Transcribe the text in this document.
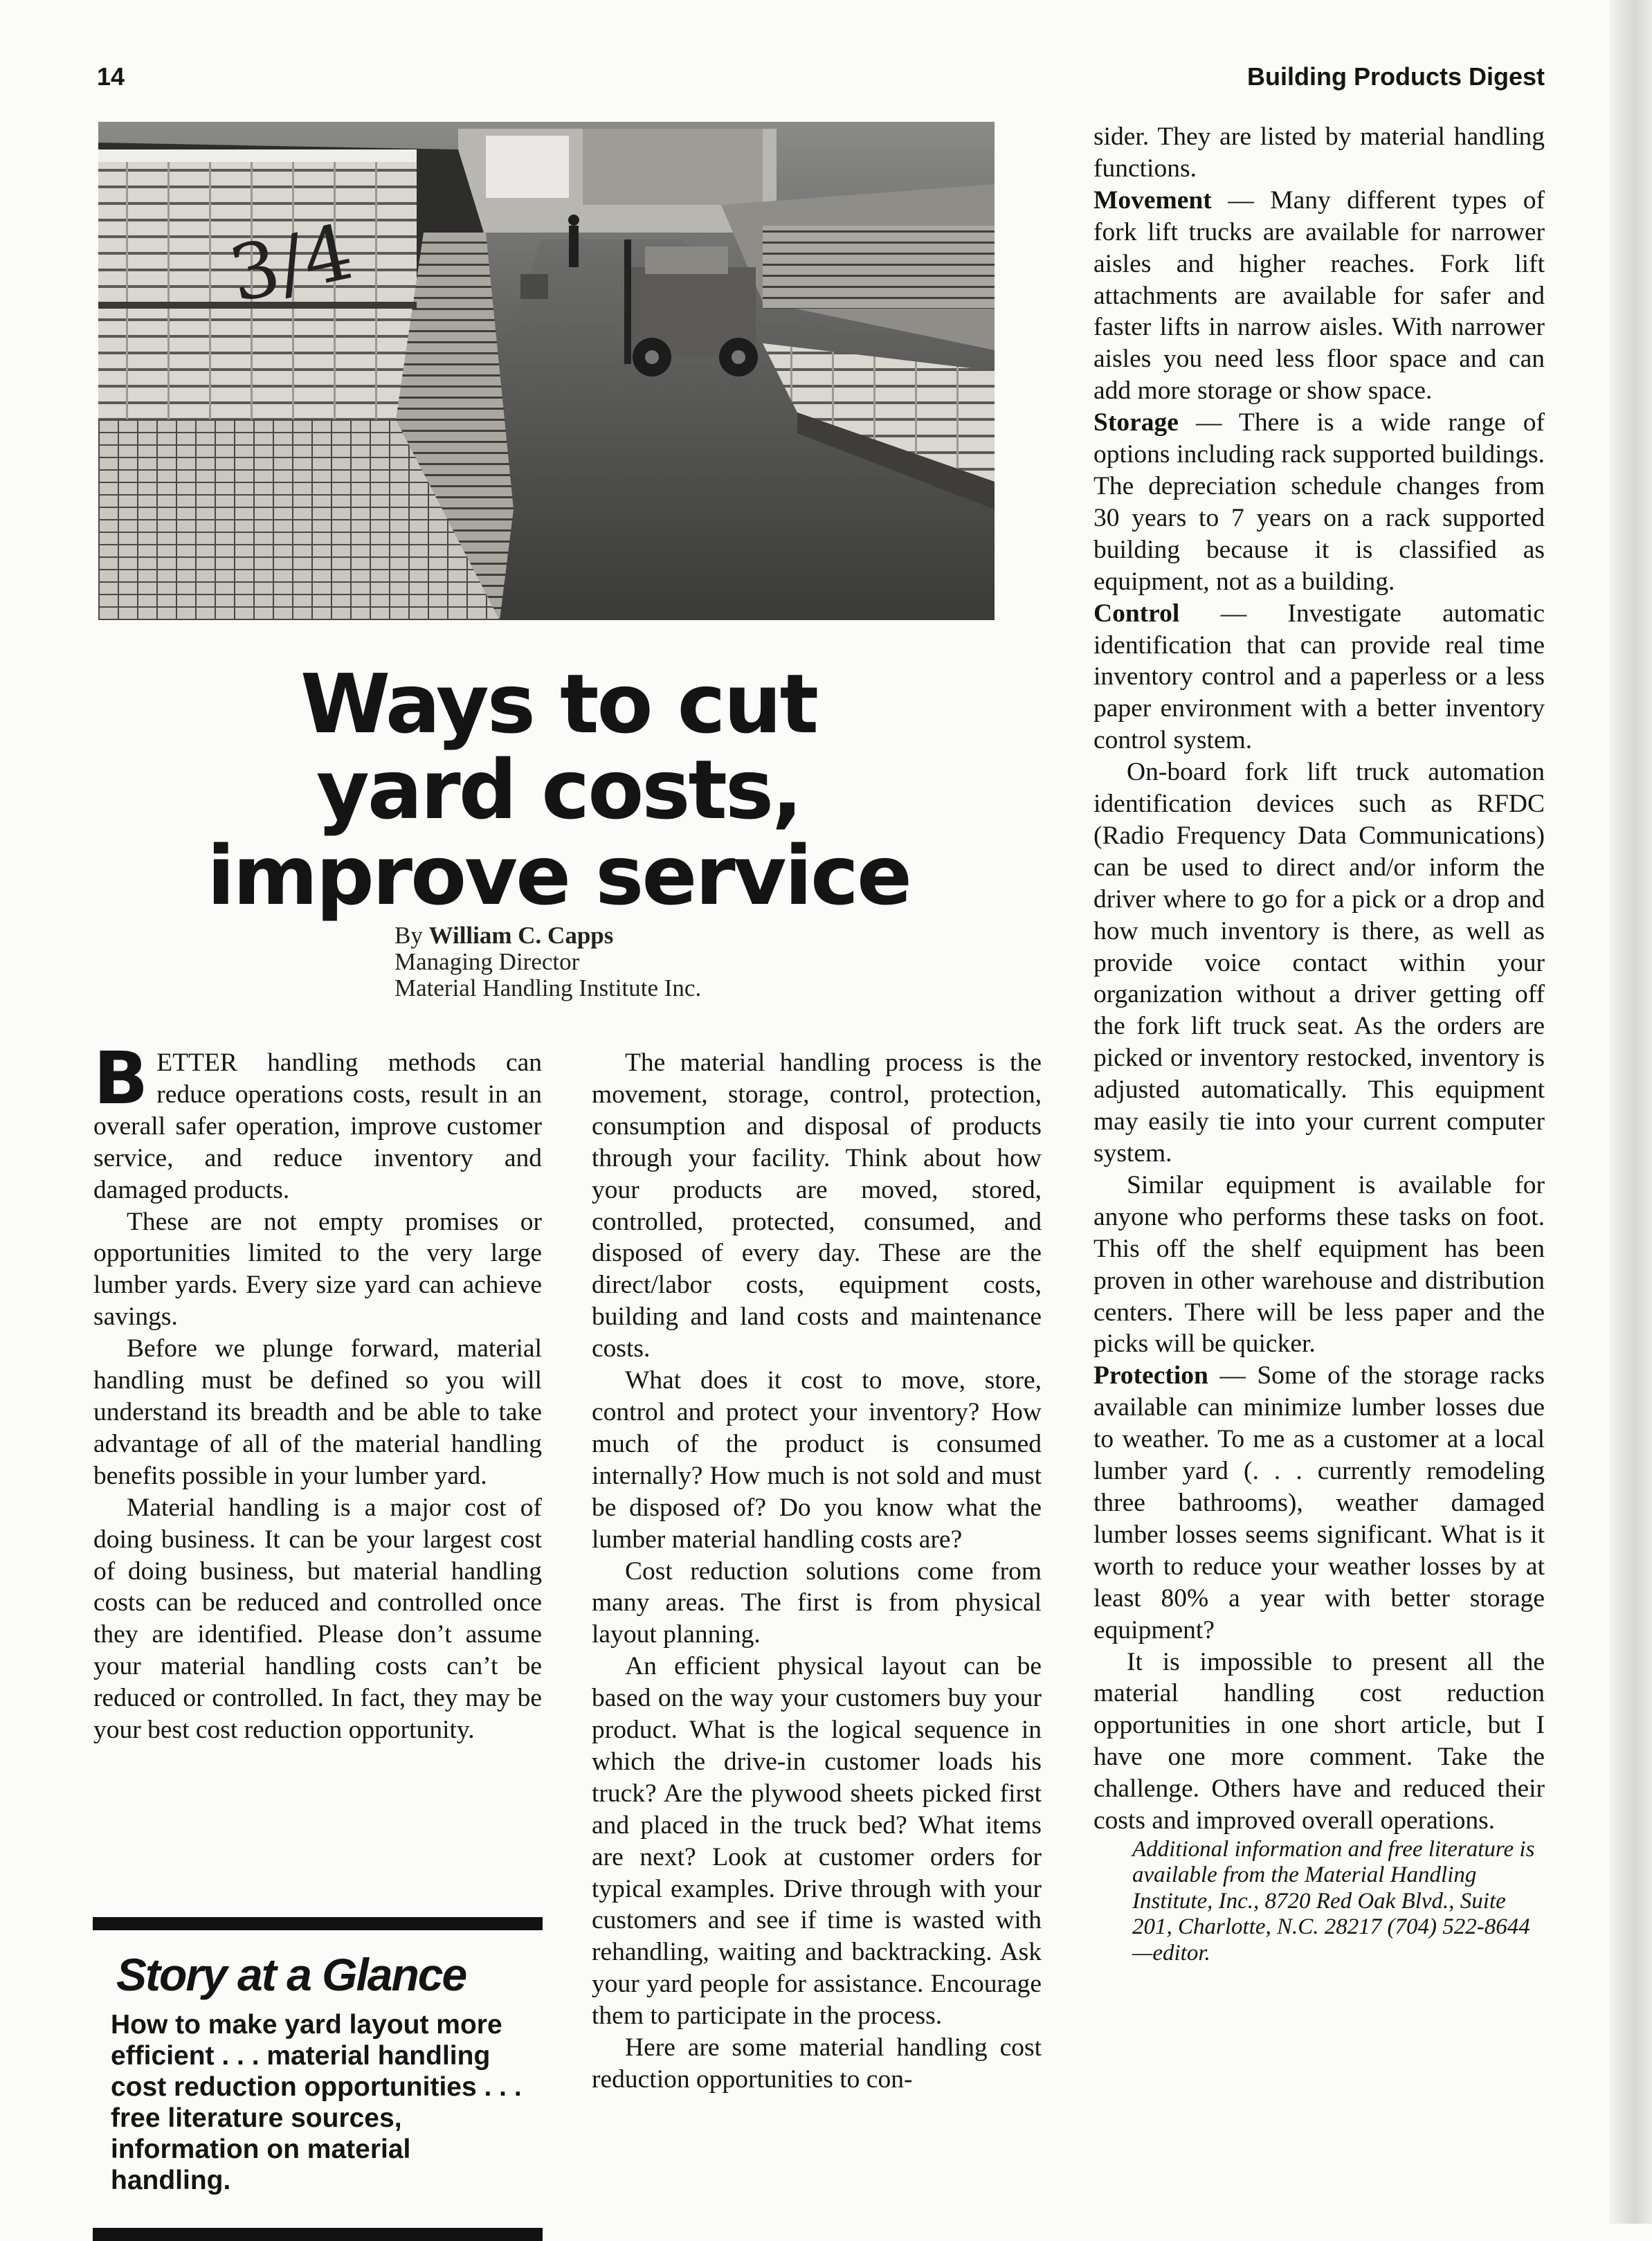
14	Building Products Digest
3/4
Ways to cut
yard costs,
improve service
By William C. Capps
Managing Director
Material Handling Institute Inc.

BETTER handling methods can reduce operations costs, result in an overall safer operation, improve customer service, and reduce inventory and damaged products.

These are not empty promises or opportunities limited to the very large lumber yards. Every size yard can achieve savings.

Before we plunge forward, material handling must be defined so you will understand its breadth and be able to take advantage of all of the material handling benefits possible in your lumber yard.

Material handling is a major cost of doing business. It can be your largest cost of doing business, but material handling costs can be reduced and controlled once they are identified. Please don’t assume your material handling costs can’t be reduced or controlled. In fact, they may be your best cost reduction opportunity.

The material handling process is the movement, storage, control, protection, consumption and disposal of products through your facility. Think about how your products are moved, stored, controlled, protected, consumed, and disposed of every day. These are the direct/labor costs, equipment costs, building and land costs and maintenance costs.

What does it cost to move, store, control and protect your inventory? How much of the product is consumed internally? How much is not sold and must be disposed of? Do you know what the lumber material handling costs are?

Cost reduction solutions come from many areas. The first is from physical layout planning.

An efficient physical layout can be based on the way your customers buy your product. What is the logical sequence in which the drive-in customer loads his truck? Are the plywood sheets picked first and placed in the truck bed? What items are next? Look at customer orders for typical examples. Drive through with your customers and see if time is wasted with rehandling, waiting and backtracking. Ask your yard people for assistance. Encourage them to participate in the process.

Here are some material handling cost reduction opportunities to con-

sider. They are listed by material handling functions.

Movement — Many different types of fork lift trucks are available for narrower aisles and higher reaches. Fork lift attachments are available for safer and faster lifts in narrow aisles. With narrower aisles you need less floor space and can add more storage or show space.

Storage — There is a wide range of options including rack supported buildings. The depreciation schedule changes from 30 years to 7 years on a rack supported building because it is classified as equipment, not as a building.

Control — Investigate automatic identification that can provide real time inventory control and a paperless or a less paper environment with a better inventory control system.

On-board fork lift truck automation identification devices such as RFDC (Radio Frequency Data Communications) can be used to direct and/or inform the driver where to go for a pick or a drop and how much inventory is there, as well as provide voice contact within your organization without a driver getting off the fork lift truck seat. As the orders are picked or inventory restocked, inventory is adjusted automatically. This equipment may easily tie into your current computer system.

Similar equipment is available for anyone who performs these tasks on foot. This off the shelf equipment has been proven in other warehouse and distribution centers. There will be less paper and the picks will be quicker.

Protection — Some of the storage racks available can minimize lumber losses due to weather. To me as a customer at a local lumber yard (. . . currently remodeling three bathrooms), weather damaged lumber losses seems significant. What is it worth to reduce your weather losses by at least 80% a year with better storage equipment?

It is impossible to present all the material handling cost reduction opportunities in one short article, but I have one more comment. Take the challenge. Others have and reduced their costs and improved overall operations.

Additional information and free literature is available from the Material Handling Institute, Inc., 8720 Red Oak Blvd., Suite 201, Charlotte, N.C. 28217 (704) 522-8644 —editor.

Story at a Glance

How to make yard layout more efficient . . . material handling cost reduction opportunities . . . free literature sources, information on material handling.
